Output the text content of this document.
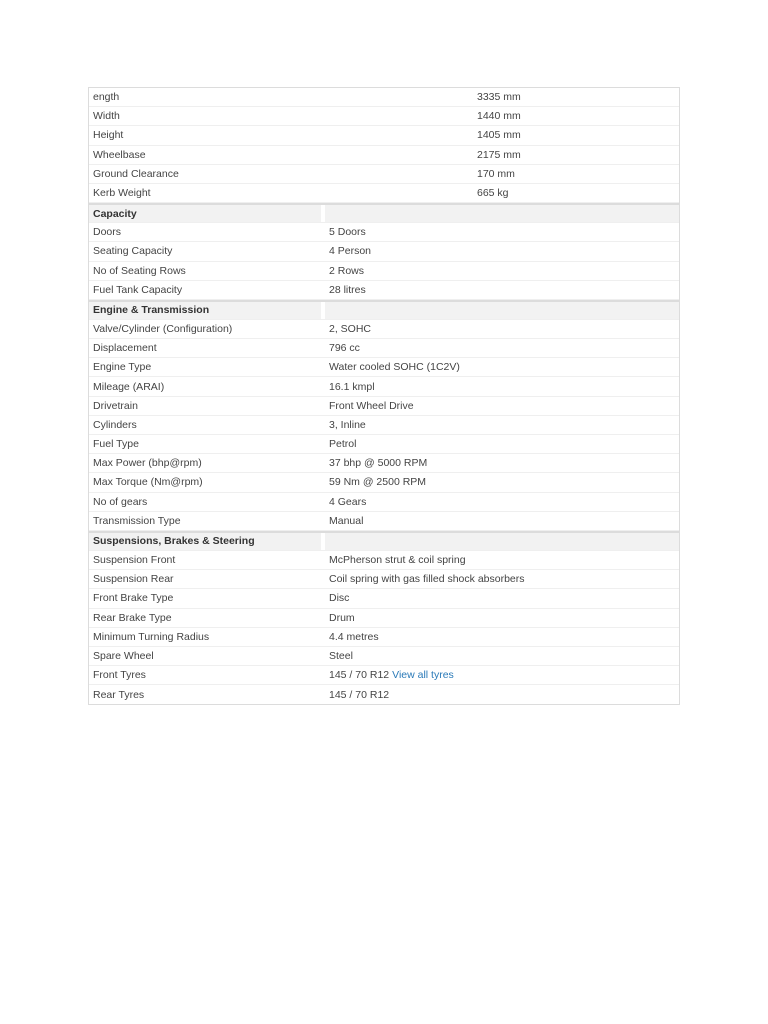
ength	3335 mm
Width	1440 mm
Height	1405 mm
Wheelbase	2175 mm
Ground Clearance	170 mm
Kerb Weight	665 kg
Capacity
Doors	5 Doors
Seating Capacity	4 Person
No of Seating Rows	2 Rows
Fuel Tank Capacity	28 litres
Engine & Transmission
Valve/Cylinder (Configuration)	2, SOHC
Displacement	796 cc
Engine Type	Water cooled SOHC (1C2V)
Mileage (ARAI)	16.1 kmpl
Drivetrain	Front Wheel Drive
Cylinders	3, Inline
Fuel Type	Petrol
Max Power (bhp@rpm)	37 bhp @ 5000 RPM
Max Torque (Nm@rpm)	59 Nm @ 2500 RPM
No of gears	4 Gears
Transmission Type	Manual
Suspensions, Brakes & Steering
Suspension Front	McPherson strut & coil spring
Suspension Rear	Coil spring with gas filled shock absorbers
Front Brake Type	Disc
Rear Brake Type	Drum
Minimum Turning Radius	4.4 metres
Spare Wheel	Steel
Front Tyres	145 / 70 R12 View all tyres
Rear Tyres	145 / 70 R12
